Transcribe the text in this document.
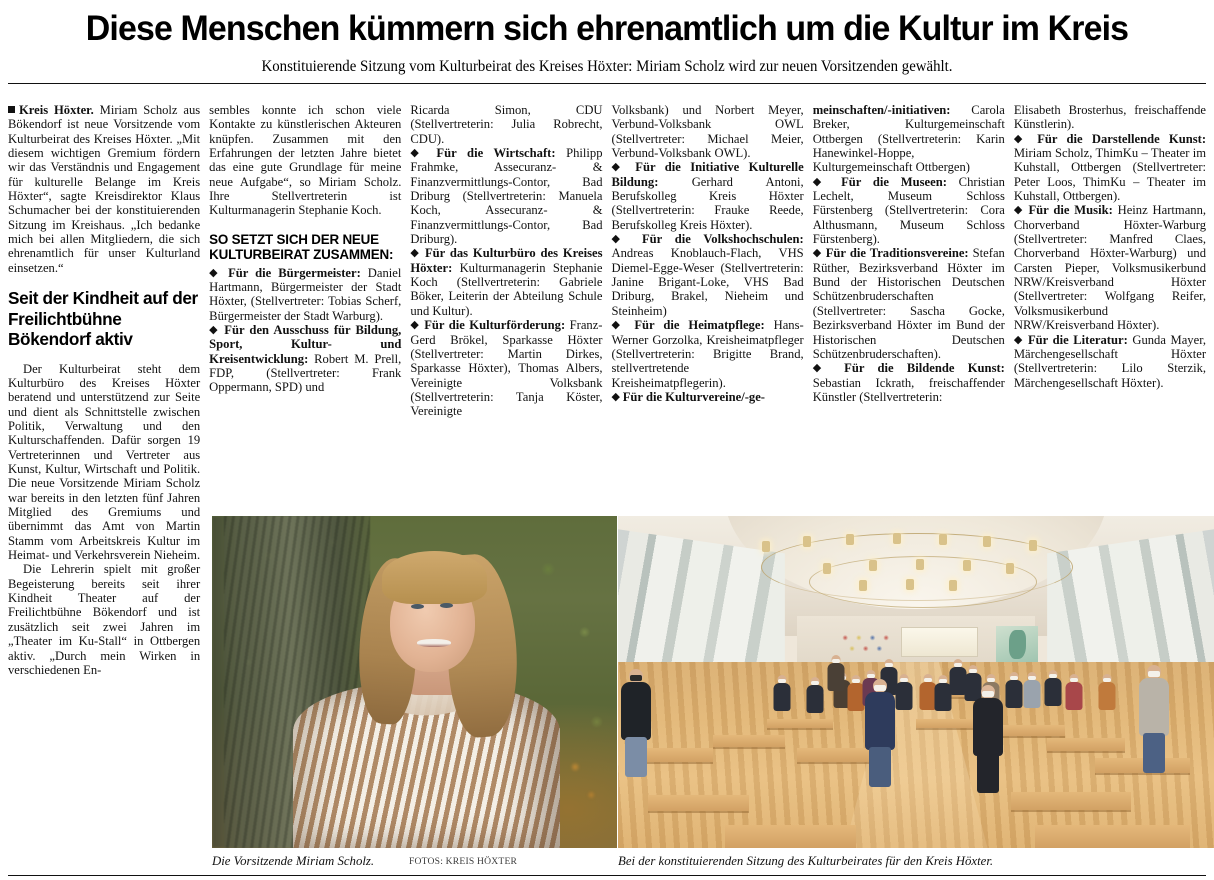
Diese Menschen kümmern sich ehrenamtlich um die Kultur im Kreis
Konstituierende Sitzung vom Kulturbeirat des Kreises Höxter: Miriam Scholz wird zur neuen Vorsitzenden gewählt.

Kreis Höxter. Miriam Scholz aus Bökendorf ist neue Vorsitzende vom Kulturbeirat des Kreises Höxter. „Mit diesem wichtigen Gremium fördern wir das Verständnis und Engagement für kulturelle Belange im Kreis Höxter“, sagte Kreisdirektor Klaus Schumacher bei der konstituierenden Sitzung im Kreishaus. „Ich bedanke mich bei allen Mitgliedern, die sich ehrenamtlich für unser Kulturland einsetzen.“

Seit der Kindheit auf der Freilichtbühne Bökendorf aktiv

Der Kulturbeirat steht dem Kulturbüro des Kreises Höxter beratend und unterstützend zur Seite und dient als Schnittstelle zwischen Politik, Verwaltung und den Kulturschaffenden. Dafür sorgen 19 Vertreterinnen und Vertreter aus Kunst, Kultur, Wirtschaft und Politik. Die neue Vorsitzende Miriam Scholz war bereits in den letzten fünf Jahren Mitglied des Gremiums und übernimmt das Amt von Martin Stamm vom Arbeitskreis Kultur im Heimat- und Verkehrsverein Nieheim.

Die Lehrerin spielt mit großer Begeisterung bereits seit ihrer Kindheit Theater auf der Freilichtbühne Bökendorf und ist zusätzlich seit zwei Jahren im „Theater im Ku-Stall“ in Ottbergen aktiv. „Durch mein Wirken in verschiedenen En-

sembles konnte ich schon viele Kontakte zu künstlerischen Akteuren knüpfen. Zusammen mit den Erfahrungen der letzten Jahre bietet das eine gute Grundlage für meine neue Aufgabe“, so Miriam Scholz. Ihre Stellvertreterin ist Kulturmanagerin Stephanie Koch.

SO SETZT SICH DER NEUE KULTURBEIRAT ZUSAMMEN:

◆ Für die Bürgermeister: Daniel Hartmann, Bürgermeister der Stadt Höxter, (Stellvertreter: Tobias Scherf, Bürgermeister der Stadt Warburg).

◆ Für den Ausschuss für Bildung, Sport, Kultur- und Kreisentwicklung: Robert M. Prell, FDP, (Stellvertreter: Frank Oppermann, SPD) und

Ricarda Simon, CDU (Stellvertreterin: Julia Robrecht, CDU).

◆ Für die Wirtschaft: Philipp Frahmke, Assecuranz- & Finanzvermittlungs-Contor, Bad Driburg (Stellvertreterin: Manuela Koch, Assecuranz- & Finanzvermittlungs-Contor, Bad Driburg).

◆ Für das Kulturbüro des Kreises Höxter: Kulturmanagerin Stephanie Koch (Stellvertreterin: Gabriele Böker, Leiterin der Abteilung Schule und Kultur).

◆ Für die Kulturförderung: Franz-Gerd Brökel, Sparkasse Höxter (Stellvertreter: Martin Dirkes, Sparkasse Höxter), Thomas Albers, Vereinigte Volksbank (Stellvertreterin: Tanja Köster, Vereinigte

Volksbank) und Norbert Meyer, Verbund-Volksbank OWL (Stellvertreter: Michael Meier, Verbund-Volksbank OWL).

◆ Für die Initiative Kulturelle Bildung: Gerhard Antoni, Berufskolleg Kreis Höxter (Stellvertreterin: Frauke Reede, Berufskolleg Kreis Höxter).

◆ Für die Volkshochschulen: Andreas Knoblauch-Flach, VHS Diemel-Egge-Weser (Stellvertreterin: Janine Brigant-Loke, VHS Bad Driburg, Brakel, Nieheim und Steinheim)

◆ Für die Heimatpflege: Hans-Werner Gorzolka, Kreisheimatpfleger (Stellvertreterin: Brigitte Brand, stellvertretende Kreisheimatpflegerin).

◆ Für die Kulturvereine/-ge-

meinschaften/-initiativen: Carola Breker, Kulturgemeinschaft Ottbergen (Stellvertreterin: Karin Hanewinkel-Hoppe, Kulturgemeinschaft Ottbergen)

◆ Für die Museen: Christian Lechelt, Museum Schloss Fürstenberg (Stellvertreterin: Cora Althusmann, Museum Schloss Fürstenberg).

◆ Für die Traditionsvereine: Stefan Rüther, Bezirksverband Höxter im Bund der Historischen Deutschen Schützenbruderschaften (Stellvertreter: Sascha Gocke, Bezirksverband Höxter im Bund der Historischen Deutschen Schützenbruderschaften).

◆ Für die Bildende Kunst: Sebastian Ickrath, freischaffender Künstler (Stellvertreterin:

Elisabeth Brosterhus, freischaffende Künstlerin).

◆ Für die Darstellende Kunst: Miriam Scholz, ThimKu – Theater im Kuhstall, Ottbergen (Stellvertreter: Peter Loos, ThimKu – Theater im Kuhstall, Ottbergen).

◆ Für die Musik: Heinz Hartmann, Chorverband Höxter-Warburg (Stellvertreter: Manfred Claes, Chorverband Höxter-Warburg) und Carsten Pieper, Volksmusikerbund NRW/Kreisverband Höxter (Stellvertreter: Wolfgang Reifer, Volksmusikerbund NRW/Kreisverband Höxter).

◆ Für die Literatur: Gunda Mayer, Märchengesellschaft Höxter (Stellvertreterin: Lilo Sterzik, Märchengesellschaft Höxter).

Die Vorsitzende Miriam Scholz.	FOTOS: KREIS HÖXTER	Bei der konstituierenden Sitzung des Kulturbeirates für den Kreis Höxter.
